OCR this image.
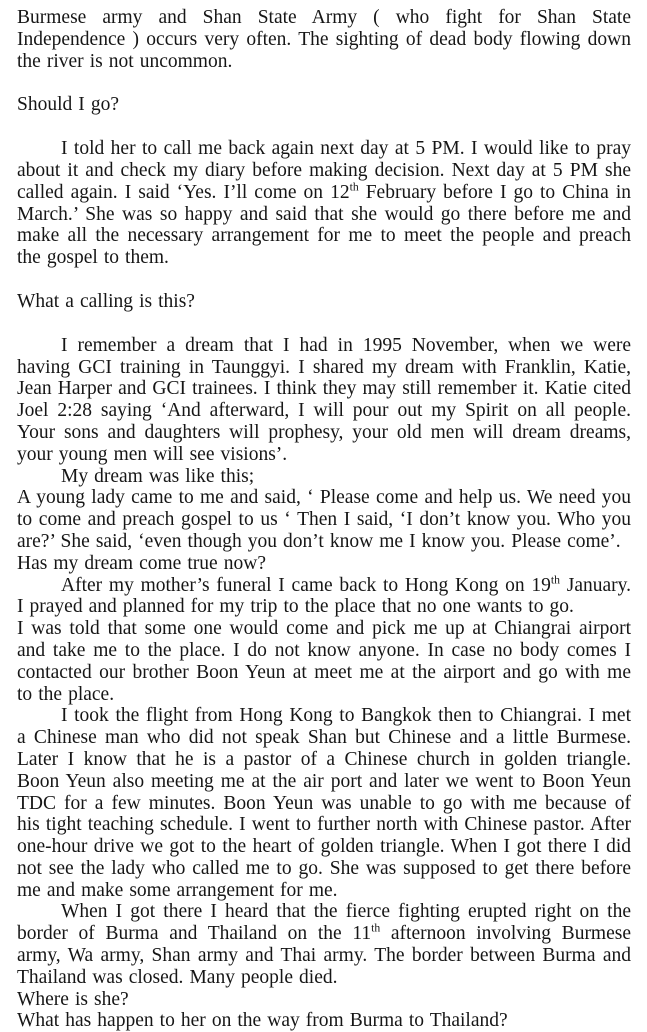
Burmese army and Shan State Army ( who fight for Shan State Independence ) occurs very often. The sighting of dead body flowing down the river is not uncommon.

Should I go?

I told her to call me back again next day at 5 PM. I would like to pray about it and check my diary before making decision. Next day at 5 PM she called again. I said ‘Yes. I’ll come on 12th February before I go to China in March.’ She was so happy and said that she would go there before me and make all the necessary arrangement for me to meet the people and preach the gospel to them.

What a calling is this?

I remember a dream that I had in 1995 November, when we were having GCI training in Taunggyi. I shared my dream with Franklin, Katie, Jean Harper and GCI trainees. I think they may still remember it. Katie cited Joel 2:28 saying ‘And afterward, I will pour out my Spirit on all people. Your sons and daughters will prophesy, your old men will dream dreams, your young men will see visions’.

My dream was like this;

A young lady came to me and said, ‘ Please come and help us. We need you to come and preach gospel to us ‘ Then I said, ‘I don’t know you. Who you are?’ She said, ‘even though you don’t know me I know you. Please come’.

Has my dream come true now?

After my mother’s funeral I came back to Hong Kong on 19th January. I prayed and planned for my trip to the place that no one wants to go.

I was told that some one would come and pick me up at Chiangrai airport and take me to the place. I do not know anyone. In case no body comes I contacted our brother Boon Yeun at meet me at the airport and go with me to the place.

I took the flight from Hong Kong to Bangkok then to Chiangrai. I met a Chinese man who did not speak Shan but Chinese and a little Burmese. Later I know that he is a pastor of a Chinese church in golden triangle. Boon Yeun also meeting me at the air port and later we went to Boon Yeun TDC for a few minutes. Boon Yeun was unable to go with me because of his tight teaching schedule. I went to further north with Chinese pastor. After one-hour drive we got to the heart of golden triangle. When I got there I did not see the lady who called me to go. She was supposed to get there before me and make some arrangement for me.

When I got there I heard that the fierce fighting erupted right on the border of Burma and Thailand on the 11th afternoon involving Burmese army, Wa army, Shan army and Thai army. The border between Burma and Thailand was closed. Many people died.

Where is she?

What has happen to her on the way from Burma to Thailand?
